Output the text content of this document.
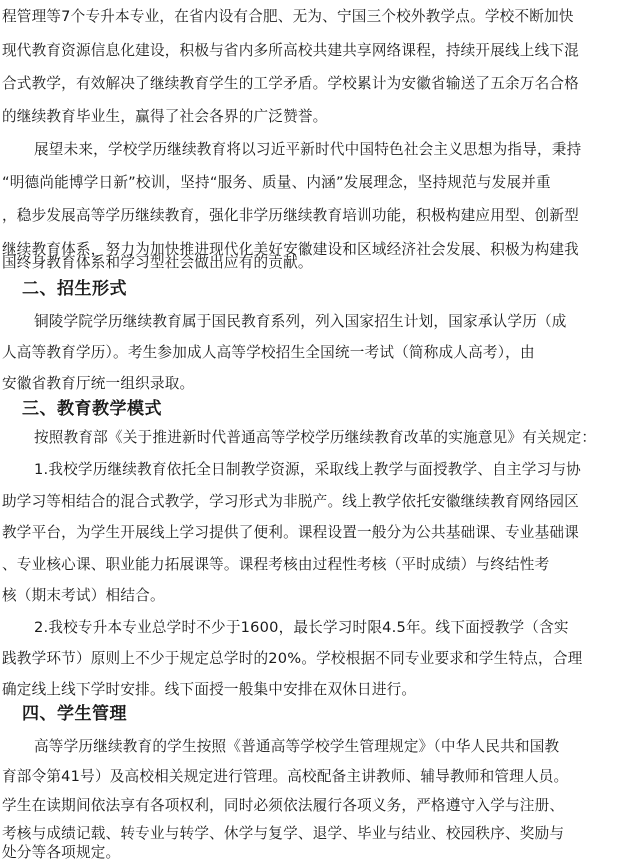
程管理等7个专升本专业，在省内设有合肥、无为、宁国三个校外教学点。学校不断加快
现代教育资源信息化建设，积极与省内多所高校共建共享网络课程，持续开展线上线下混
合式教学，有效解决了继续教育学生的工学矛盾。学校累计为安徽省输送了五余万名合格
的继续教育毕业生，赢得了社会各界的广泛赞誉。
展望未来，学校学历继续教育将以习近平新时代中国特色社会主义思想为指导，秉持
“明德尚能博学日新”校训，坚持“服务、质量、内涵”发展理念，坚持规范与发展并重
，稳步发展高等学历继续教育，强化非学历继续教育培训功能，积极构建应用型、创新型
继续教育体系，努力为加快推进现代化美好安徽建设和区域经济社会发展、积极为构建我
国终身教育体系和学习型社会做出应有的贡献。
二、招生形式
铜陵学院学历继续教育属于国民教育系列，列入国家招生计划，国家承认学历（成
人高等教育学历）。考生参加成人高等学校招生全国统一考试（简称成人高考），由
安徽省教育厅统一组织录取。
三、教育教学模式
按照教育部《关于推进新时代普通高等学校学历继续教育改革的实施意见》有关规定：
1.我校学历继续教育依托全日制教学资源，采取线上教学与面授教学、自主学习与协
助学习等相结合的混合式教学，学习形式为非脱产。线上教学依托安徽继续教育网络园区
教学平台，为学生开展线上学习提供了便利。课程设置一般分为公共基础课、专业基础课
、专业核心课、职业能力拓展课等。课程考核由过程性考核（平时成绩）与终结性考
核（期末考试）相结合。
2.我校专升本专业总学时不少于1600，最长学习时限4.5年。线下面授教学（含实
践教学环节）原则上不少于规定总学时的20%。学校根据不同专业要求和学生特点，合理
确定线上线下学时安排。线下面授一般集中安排在双休日进行。
四、学生管理
高等学历继续教育的学生按照《普通高等学校学生管理规定》（中华人民共和国教
育部令第41号）及高校相关规定进行管理。高校配备主讲教师、辅导教师和管理人员。
学生在读期间依法享有各项权利，同时必须依法履行各项义务，严格遵守入学与注册、
考核与成绩记载、转专业与转学、休学与复学、退学、毕业与结业、校园秩序、奖励与
处分等各项规定。
